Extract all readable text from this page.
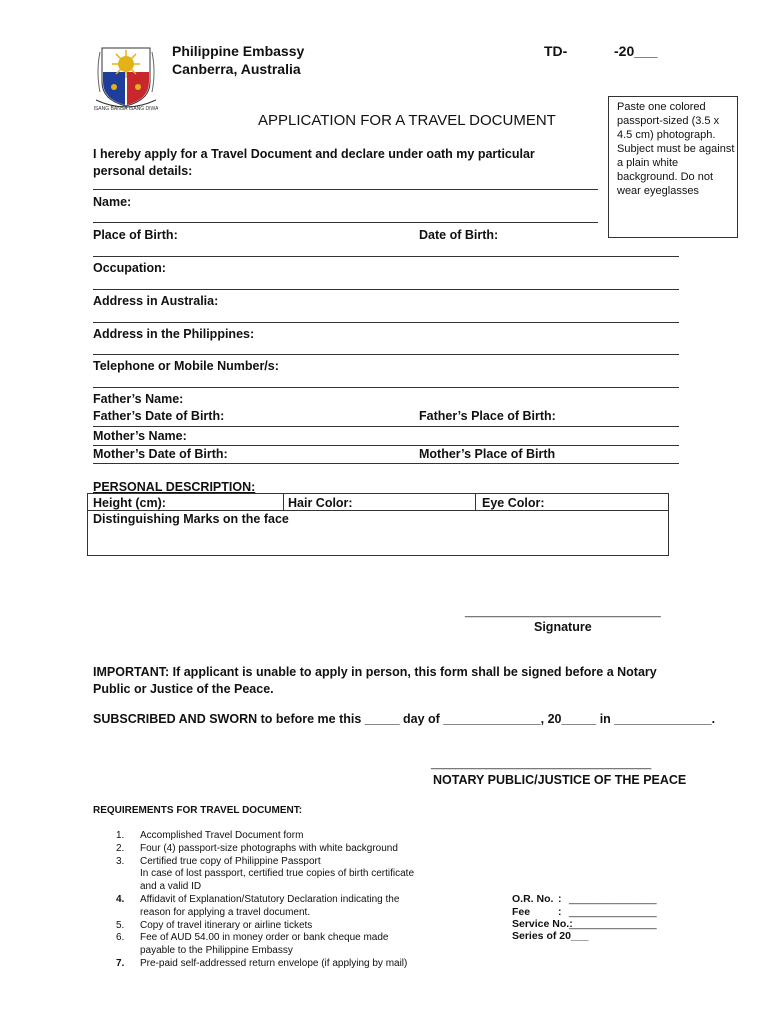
ISANG BANSA ISANG DIWA
Philippine Embassy
Canberra, Australia
TD-	-20___
Paste one colored passport-sized (3.5 x 4.5 cm) photograph. Subject must be against a plain white background. Do not wear eyeglasses
APPLICATION FOR A TRAVEL DOCUMENT
I hereby apply for a Travel Document and declare under oath my particular personal details:
Name:
Place of Birth:	Date of Birth:
Occupation:
Address in Australia:
Address in the Philippines:
Telephone or Mobile Number/s:
Father’s Name:
Father’s Date of Birth:	Father’s Place of Birth:
Mother’s Name:
Mother’s Date of Birth:	Mother’s Place of Birth
PERSONAL DESCRIPTION:
Height (cm):	Hair Color:	Eye Color:
Distinguishing Marks on the face
________________________________
Signature
IMPORTANT: If applicant is unable to apply in person, this form shall be signed before a Notary Public or Justice of the Peace.
SUBSCRIBED AND SWORN to before me this _____ day of ______________, 20_____ in ______________.
____________________________________
NOTARY PUBLIC/JUSTICE OF THE PEACE
REQUIREMENTS FOR TRAVEL DOCUMENT:
1. Accomplished Travel Document form
2. Four (4) passport-size photographs with white background
3. Certified true copy of Philippine Passport
In case of lost passport, certified true copies of birth certificate
and a valid ID
4. Affidavit of Explanation/Statutory Declaration indicating the
reason for applying a travel document.
5. Copy of travel itinerary or airline tickets
6. Fee of AUD 54.00 in money order or bank cheque made
payable to the Philippine Embassy
7. Pre-paid self-addressed return envelope (if applying by mail)
O.R. No. : _______________
Fee	: _______________
Service No.:
_______________
Series of 20___
